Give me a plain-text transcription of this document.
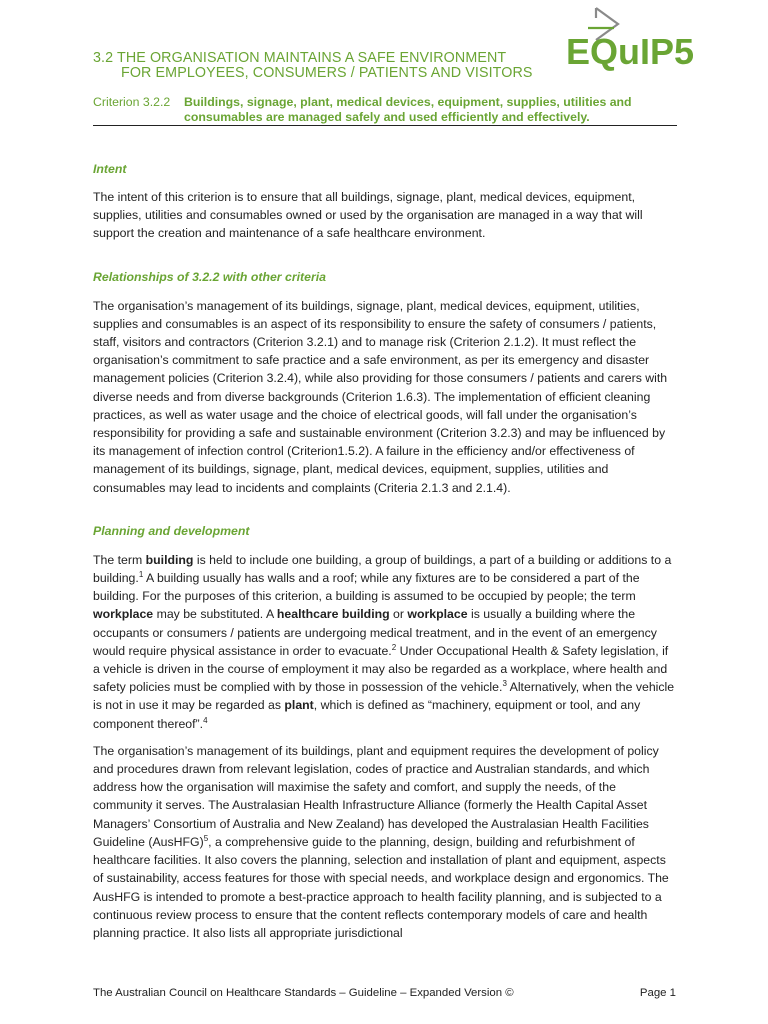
EQuIP5
3.2 THE ORGANISATION MAINTAINS A SAFE ENVIRONMENT
FOR EMPLOYEES, CONSUMERS / PATIENTS AND VISITORS
Criterion 3.2.2 Buildings, signage, plant, medical devices, equipment, supplies, utilities and consumables are managed safely and used efficiently and effectively.
Intent

The intent of this criterion is to ensure that all buildings, signage, plant, medical devices, equipment, supplies, utilities and consumables owned or used by the organisation are managed in a way that will support the creation and maintenance of a safe healthcare environment.

Relationships of 3.2.2 with other criteria

The organisation’s management of its buildings, signage, plant, medical devices, equipment, utilities, supplies and consumables is an aspect of its responsibility to ensure the safety of consumers / patients, staff, visitors and contractors (Criterion 3.2.1) and to manage risk (Criterion 2.1.2). It must reflect the organisation’s commitment to safe practice and a safe environment, as per its emergency and disaster management policies (Criterion 3.2.4), while also providing for those consumers / patients and carers with diverse needs and from diverse backgrounds (Criterion 1.6.3). The implementation of efficient cleaning practices, as well as water usage and the choice of electrical goods, will fall under the organisation’s responsibility for providing a safe and sustainable environment (Criterion 3.2.3) and may be influenced by its management of infection control (Criterion1.5.2). A failure in the efficiency and/or effectiveness of management of its buildings, signage, plant, medical devices, equipment, supplies, utilities and consumables may lead to incidents and complaints (Criteria 2.1.3 and 2.1.4).

Planning and development

The term building is held to include one building, a group of buildings, a part of a building or additions to a building.$^1$ A building usually has walls and a roof; while any fixtures are to be considered a part of the building. For the purposes of this criterion, a building is assumed to be occupied by people; the term workplace may be substituted. A healthcare building or workplace is usually a building where the occupants or consumers / patients are undergoing medical treatment, and in the event of an emergency would require physical assistance in order to evacuate.$^2$ Under Occupational Health & Safety legislation, if a vehicle is driven in the course of employment it may also be regarded as a workplace, where health and safety policies must be complied with by those in possession of the vehicle.$^3$ Alternatively, when the vehicle is not in use it may be regarded as plant, which is defined as “machinery, equipment or tool, and any component thereof”.$^4$

The organisation’s management of its buildings, plant and equipment requires the development of policy and procedures drawn from relevant legislation, codes of practice and Australian standards, and which address how the organisation will maximise the safety and comfort, and supply the needs, of the community it serves. The Australasian Health Infrastructure Alliance (formerly the Health Capital Asset Managers’ Consortium of Australia and New Zealand) has developed the Australasian Health Facilities Guideline (AusHFG)$^5$, a comprehensive guide to the planning, design, building and refurbishment of healthcare facilities. It also covers the planning, selection and installation of plant and equipment, aspects of sustainability, access features for those with special needs, and workplace design and ergonomics. The AusHFG is intended to promote a best-practice approach to health facility planning, and is subjected to a continuous review process to ensure that the content reflects contemporary models of care and health planning practice. It also lists all appropriate jurisdictional

The Australian Council on Healthcare Standards – Guideline – Expanded Version ©	Page 1
